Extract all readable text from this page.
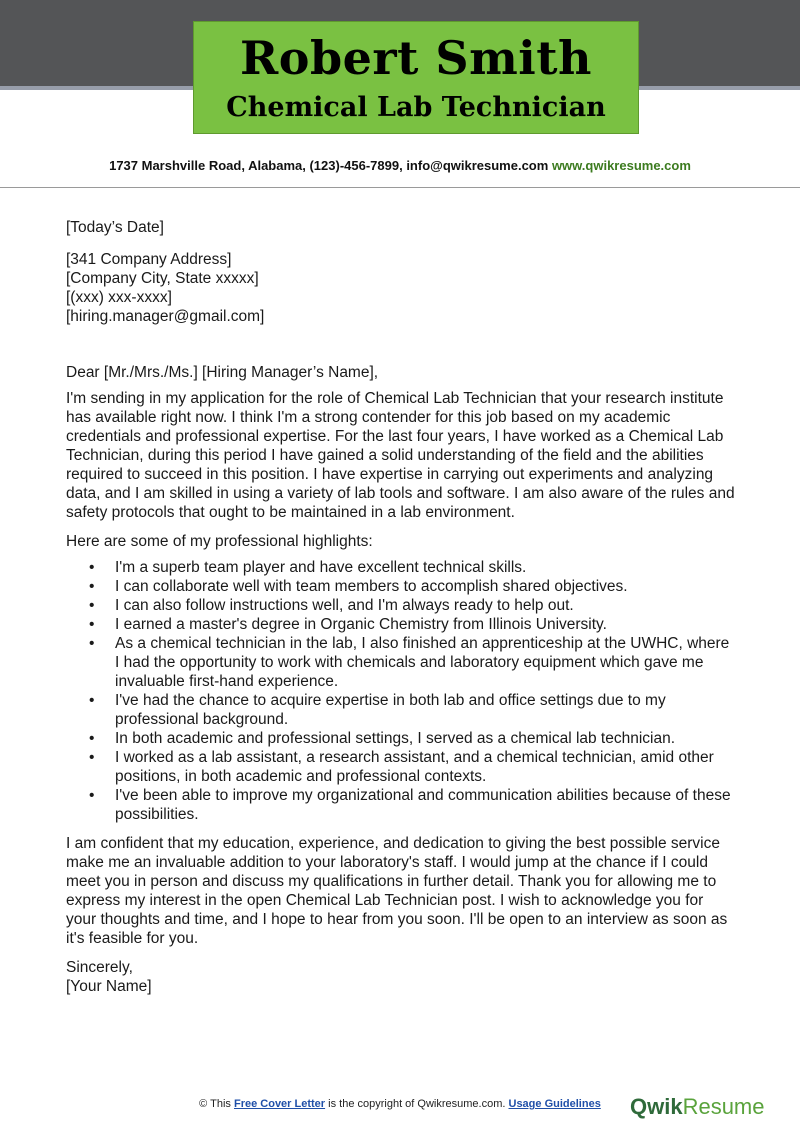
Robert Smith
Chemical Lab Technician
1737 Marshville Road, Alabama, (123)-456-7899, info@qwikresume.com www.qwikresume.com

[Today’s Date]

[341 Company Address]

[Company City, State xxxxx]

[(xxx) xxx-xxxx]

[hiring.manager@gmail.com]

Dear [Mr./Mrs./Ms.] [Hiring Manager’s Name],

I'm sending in my application for the role of Chemical Lab Technician that your research institute has available right now. I think I'm a strong contender for this job based on my academic credentials and professional expertise. For the last four years, I have worked as a Chemical Lab Technician, during this period I have gained a solid understanding of the field and the abilities required to succeed in this position. I have expertise in carrying out experiments and analyzing data, and I am skilled in using a variety of lab tools and software. I am also aware of the rules and safety protocols that ought to be maintained in a lab environment.

Here are some of my professional highlights:

• I'm a superb team player and have excellent technical skills.
• I can collaborate well with team members to accomplish shared objectives.
• I can also follow instructions well, and I'm always ready to help out.
• I earned a master's degree in Organic Chemistry from Illinois University.
• As a chemical technician in the lab, I also finished an apprenticeship at the UWHC, where I had the opportunity to work with chemicals and laboratory equipment which gave me invaluable first-hand experience.
• I've had the chance to acquire expertise in both lab and office settings due to my professional background.
• In both academic and professional settings, I served as a chemical lab technician.
• I worked as a lab assistant, a research assistant, and a chemical technician, amid other positions, in both academic and professional contexts.
• I've been able to improve my organizational and communication abilities because of these possibilities.

I am confident that my education, experience, and dedication to giving the best possible service make me an invaluable addition to your laboratory's staff. I would jump at the chance if I could meet you in person and discuss my qualifications in further detail. Thank you for allowing me to express my interest in the open Chemical Lab Technician post. I wish to acknowledge you for your thoughts and time, and I hope to hear from you soon. I'll be open to an interview as soon as it's feasible for you.

Sincerely,

[Your Name]

© This Free Cover Letter is the copyright of Qwikresume.com. Usage Guidelines	QwikResume
